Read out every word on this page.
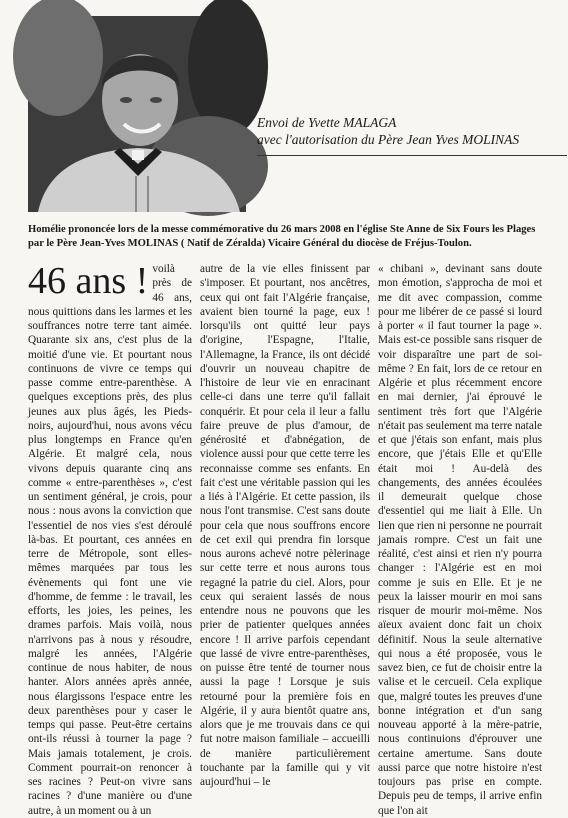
Envoi de Yvette MALAGA
avec l'autorisation du Père Jean Yves MOLINAS
Homélie prononcée lors de la messe commémorative du 26 mars 2008 en l'église Ste Anne de Six Fours les Plages par le Père Jean-Yves MOLINAS ( Natif de Zéralda) Vicaire Général du diocèse de Fréjus-Toulon.

46 ans ! voilà près de 46 ans, nous quittions dans les larmes et les souffrances notre terre tant aimée. Quarante six ans, c'est plus de la moitié d'une vie. Et pourtant nous continuons de vivre ce temps qui passe comme entre-parenthèse. A quelques exceptions près, des plus jeunes aux plus âgés, les Pieds-noirs, aujourd'hui, nous avons vécu plus longtemps en France qu'en Algérie. Et malgré cela, nous vivons depuis quarante cinq ans comme « entre-parenthèses », c'est un sentiment général, je crois, pour nous : nous avons la conviction que l'essentiel de nos vies s'est déroulé là-bas. Et pourtant, ces années en terre de Métropole, sont elles-mêmes marquées par tous les évènements qui font une vie d'homme, de femme : le travail, les efforts, les joies, les peines, les drames parfois. Mais voilà, nous n'arrivons pas à nous y résoudre, malgré les années, l'Algérie continue de nous habiter, de nous hanter. Alors années après année, nous élargissons l'espace entre les deux parenthèses pour y caser le temps qui passe. Peut-être certains ont-ils réussi à tourner la page ? Mais jamais totalement, je crois. Comment pourrait-on renoncer à ses racines ? Peut-on vivre sans racines ? d'une manière ou d'une autre, à un moment ou à un

autre de la vie elles finissent par s'imposer. Et pourtant, nos ancêtres, ceux qui ont fait l'Algérie française, avaient bien tourné la page, eux ! lorsqu'ils ont quitté leur pays d'origine, l'Espagne, l'Italie, l'Allemagne, la France, ils ont décidé d'ouvrir un nouveau chapitre de l'histoire de leur vie en enracinant celle-ci dans une terre qu'il fallait conquérir. Et pour cela il leur a fallu faire preuve de plus d'amour, de générosité et d'abnégation, de violence aussi pour que cette terre les reconnaisse comme ses enfants. En fait c'est une véritable passion qui les a liés à l'Algérie. Et cette passion, ils nous l'ont transmise. C'est sans doute pour cela que nous souffrons encore de cet exil qui prendra fin lorsque nous aurons achevé notre pèlerinage sur cette terre et nous aurons tous regagné la patrie du ciel. Alors, pour ceux qui seraient lassés de nous entendre nous ne pouvons que les prier de patienter quelques années encore ! Il arrive parfois cependant que lassé de vivre entre-parenthèses, on puisse être tenté de tourner nous aussi la page ! Lorsque je suis retourné pour la première fois en Algérie, il y aura bientôt quatre ans, alors que je me trouvais dans ce qui fut notre maison familiale – accueilli de manière particulièrement touchante par la famille qui y vit aujourd'hui – le

« chibani », devinant sans doute mon émotion, s'approcha de moi et me dit avec compassion, comme pour me libérer de ce passé si lourd à porter « il faut tourner la page ». Mais est-ce possible sans risquer de voir disparaître une part de soi-même ? En fait, lors de ce retour en Algérie et plus récemment encore en mai dernier, j'ai éprouvé le sentiment très fort que l'Algérie n'était pas seulement ma terre natale et que j'étais son enfant, mais plus encore, que j'étais Elle et qu'Elle était moi ! Au-delà des changements, des années écoulées il demeurait quelque chose d'essentiel qui me liait à Elle. Un lien que rien ni personne ne pourrait jamais rompre. C'est un fait une réalité, c'est ainsi et rien n'y pourra changer : l'Algérie est en moi comme je suis en Elle. Et je ne peux la laisser mourir en moi sans risquer de mourir moi-même. Nos aïeux avaient donc fait un choix définitif. Nous la seule alternative qui nous a été proposée, vous le savez bien, ce fut de choisir entre la valise et le cercueil. Cela explique que, malgré toutes les preuves d'une bonne intégration et d'un sang nouveau apporté à la mère-patrie, nous continuions d'éprouver une certaine amertume. Sans doute aussi parce que notre histoire n'est toujours pas prise en compte. Depuis peu de temps, il arrive enfin que l'on ait
